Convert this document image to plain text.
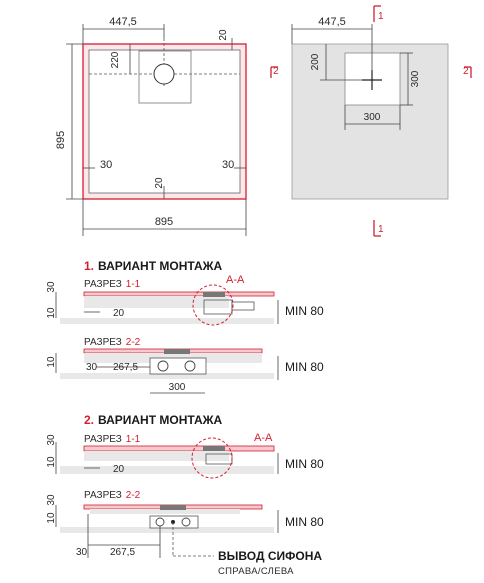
447,5
220
20
895
30	30
20
895
447,5
200
300
300
1
1
2	2
1. ВАРИАНТ МОНТАЖА
РАЗРЕЗ 1-1	А-А
30
10	20	MIN 80
РАЗРЕЗ 2-2
10	30 267,5
300
MIN 80
2. ВАРИАНТ МОНТАЖА
РАЗРЕЗ 1-1	А-А
30
10
20	MIN 80
РАЗРЕЗ 2-2
30
10
30 267,5
MIN 80
ВЫВОД СИФОНА
СПРАВА/СЛЕВА
